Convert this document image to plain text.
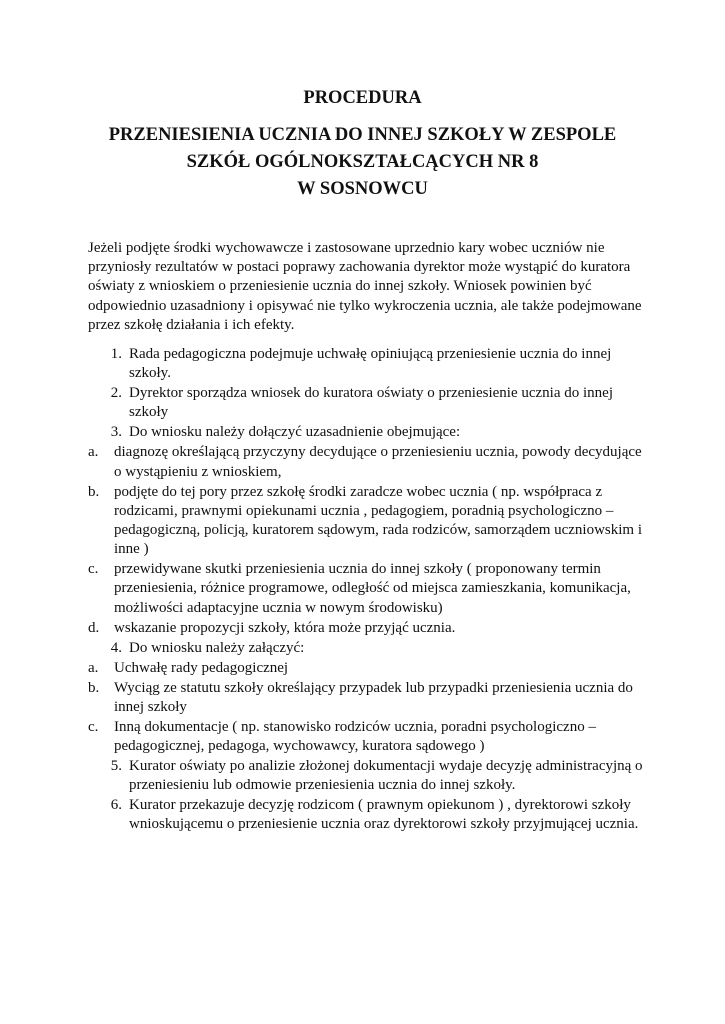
PROCEDURA
PRZENIESIENIA UCZNIA DO INNEJ SZKOŁY W ZESPOLE
SZKÓŁ OGÓLNOKSZTAŁCĄCYCH NR 8
W SOSNOWCU

Jeżeli podjęte środki wychowawcze i zastosowane uprzednio kary wobec uczniów nie przyniosły rezultatów w postaci poprawy zachowania dyrektor może wystąpić do kuratora oświaty z wnioskiem o przeniesienie ucznia do innej szkoły. Wniosek powinien być odpowiednio uzasadniony i opisywać nie tylko wykroczenia ucznia, ale także podejmowane przez szkołę działania i ich efekty.

1. Rada pedagogiczna podejmuje uchwałę opiniującą przeniesienie ucznia do innej szkoły.
2. Dyrektor sporządza wniosek do kuratora oświaty o przeniesienie ucznia do innej szkoły
3. Do wniosku należy dołączyć uzasadnienie obejmujące:
a.	diagnozę określającą przyczyny decydujące o przeniesieniu ucznia, powody decydujące o wystąpieniu z wnioskiem,
b. podjęte do tej pory przez szkołę środki zaradcze wobec ucznia ( np. współpraca z rodzicami, prawnymi opiekunami ucznia , pedagogiem, poradnią psychologiczno – pedagogiczną, policją, kuratorem sądowym, rada rodziców, samorządem uczniowskim i inne )
c.	przewidywane skutki przeniesienia ucznia do innej szkoły ( proponowany termin przeniesienia, różnice programowe, odległość od miejsca zamieszkania, komunikacja, możliwości adaptacyjne ucznia w nowym środowisku)
d. wskazanie propozycji szkoły, która może przyjąć ucznia.
4. Do wniosku należy załączyć:
a.	Uchwałę rady pedagogicznej
b. Wyciąg ze statutu szkoły określający przypadek lub przypadki przeniesienia ucznia do innej szkoły
c.	Inną dokumentacje ( np. stanowisko rodziców ucznia, poradni psychologiczno – pedagogicznej, pedagoga, wychowawcy, kuratora sądowego )
5. Kurator oświaty po analizie złożonej dokumentacji wydaje decyzję administracyjną o przeniesieniu lub odmowie przeniesienia ucznia do innej szkoły.
6. Kurator przekazuje decyzję rodzicom ( prawnym opiekunom ) , dyrektorowi szkoły wnioskującemu o przeniesienie ucznia oraz dyrektorowi szkoły przyjmującej ucznia.
